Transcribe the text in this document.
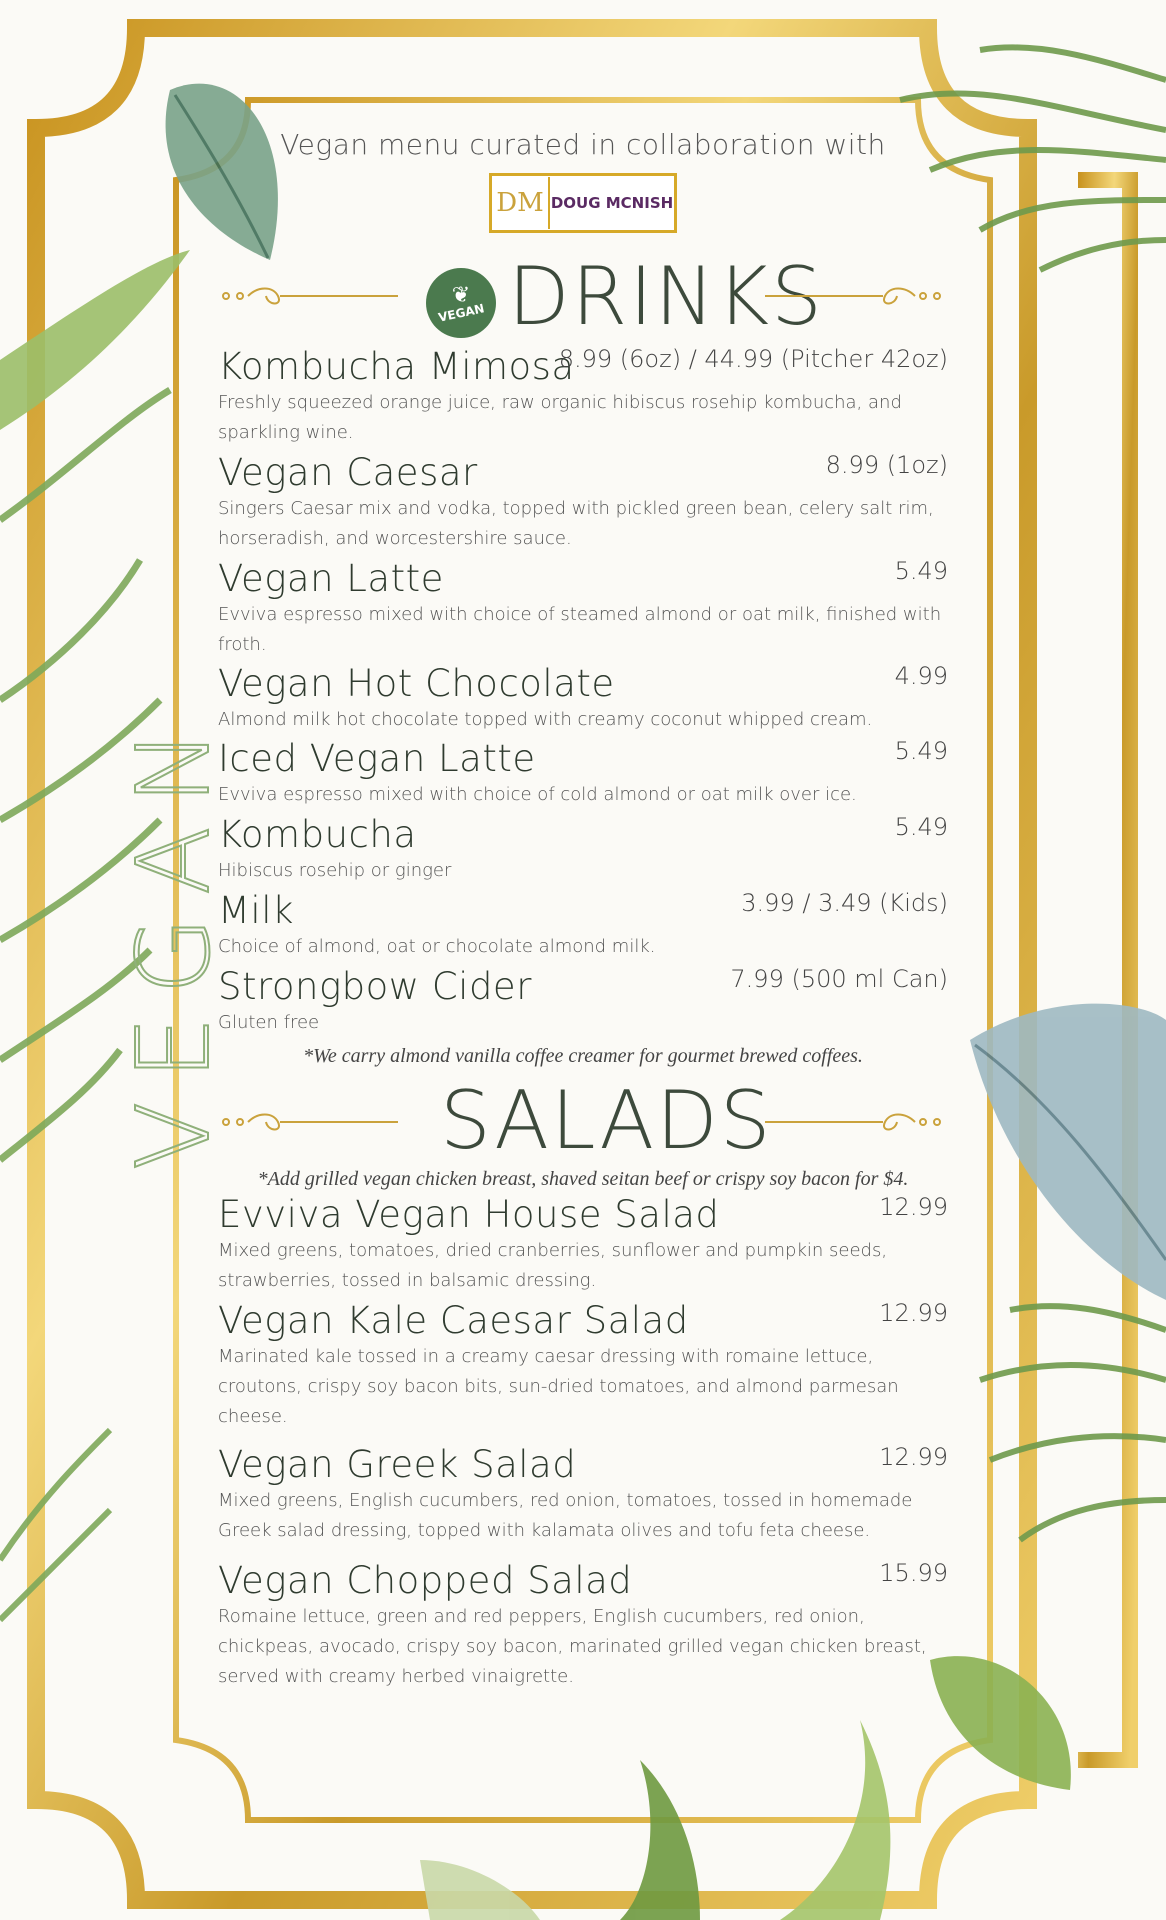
Vegan menu curated in collaboration with
DM DOUG MCNISH
❦
VEGAN DRINKS
VEGAN
Kombucha Mimosa
8.99 (6oz) / 44.99 (Pitcher 42oz)
Freshly squeezed orange juice, raw organic hibiscus rosehip kombucha, and sparkling wine.
Vegan Caesar	8.99 (1oz)
Singers Caesar mix and vodka, topped with pickled green bean, celery salt rim, horseradish, and worcestershire sauce.
Vegan Latte	5.49
Evviva espresso mixed with choice of steamed almond or oat milk, finished with froth.
Vegan Hot Chocolate	4.99
Almond milk hot chocolate topped with creamy coconut whipped cream.
Iced Vegan Latte	5.49
Evviva espresso mixed with choice of cold almond or oat milk over ice.
Kombucha	5.49
Hibiscus rosehip or ginger
Milk	3.99 / 3.49 (Kids)
Choice of almond, oat or chocolate almond milk.
Strongbow Cider	7.99 (500 ml Can)
Gluten free
*We carry almond vanilla coffee creamer for gourmet brewed coffees.
SALADS
*Add grilled vegan chicken breast, shaved seitan beef or crispy soy bacon for $4.
Evviva Vegan House Salad	12.99
Mixed greens, tomatoes, dried cranberries, sunflower and pumpkin seeds, strawberries, tossed in balsamic dressing.
Vegan Kale Caesar Salad	12.99
Marinated kale tossed in a creamy caesar dressing with romaine lettuce, croutons, crispy soy bacon bits, sun-dried tomatoes, and almond parmesan cheese.
Vegan Greek Salad	12.99
Mixed greens, English cucumbers, red onion, tomatoes, tossed in homemade Greek salad dressing, topped with kalamata olives and tofu feta cheese.
Vegan Chopped Salad	15.99
Romaine lettuce, green and red peppers, English cucumbers, red onion, chickpeas, avocado, crispy soy bacon, marinated grilled vegan chicken breast, served with creamy herbed vinaigrette.
